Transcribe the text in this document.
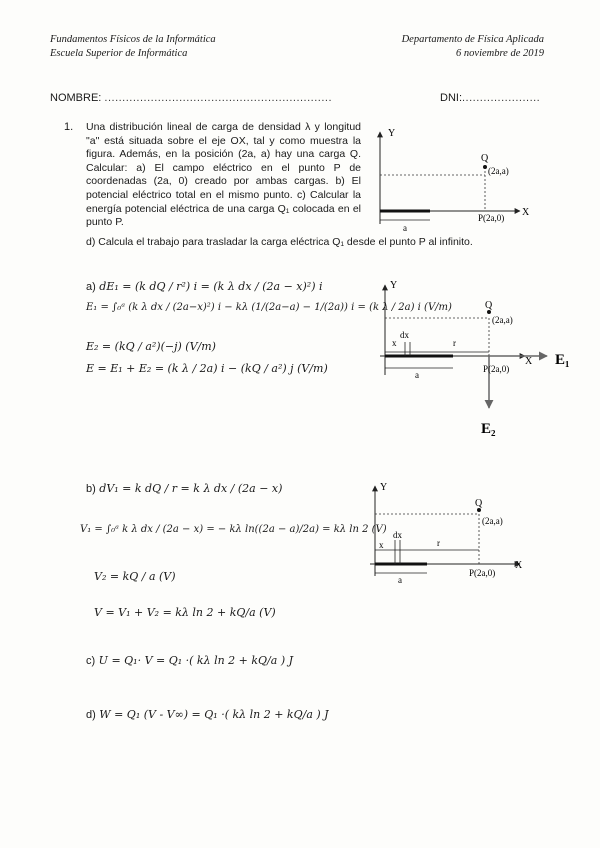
Fundamentos Físicos de la Informática
Escuela Superior de Informática
Departamento de Física Aplicada
6 noviembre de 2019
NOMBRE: ................................................................	DNI:......................
1. Una distribución lineal de carga de densidad λ y longitud "a" está situada sobre el eje OX, tal y como muestra la figura. Además, en la posición (2a, a) hay una carga Q. Calcular: a) El campo eléctrico en el punto P de coordenadas (2a, 0) creado por ambas cargas. b) El potencial eléctrico total en el mismo punto. c) Calcular la energía potencial eléctrica de una carga Q₁ colocada en el punto P.
d) Calcula el trabajo para trasladar la carga eléctrica Q₁ desde el punto P al infinito.
Y
X
Q
(2a,a)
P(2a,0)
a
a) dE₁ = (k dQ / r²) i = (k λ dx / (2a − x)²) i
E₁ = ∫₀ᵃ (k λ dx / (2a−x)²) i − kλ (1/(2a−a) − 1/(2a)) i = (k λ / 2a) i (V/m)
E₂ = (kQ / a²)(−j) (V/m)
E = E₁ + E₂ = (k λ / 2a) i − (kQ / a²) j (V/m)
Y
X
Q
(2a,a)
P(2a,0)
a
x
dx
r
E₁
E₂
b) dV₁ = k dQ / r = k λ dx / (2a − x)
V₁ = ∫₀ᵃ k λ dx / (2a − x) = − kλ ln((2a − a)/2a) = kλ ln 2 (V)
V₂ = kQ / a (V)
V = V₁ + V₂ = kλ ln 2 + kQ/a (V)
Y
X
Q
(2a,a)
P(2a,0)
a
x
dx
r
c) U = Q₁· V = Q₁ ·( kλ ln 2 + kQ/a ) J
d) W = Q₁ (V - V∞) = Q₁ ·( kλ ln 2 + kQ/a ) J
